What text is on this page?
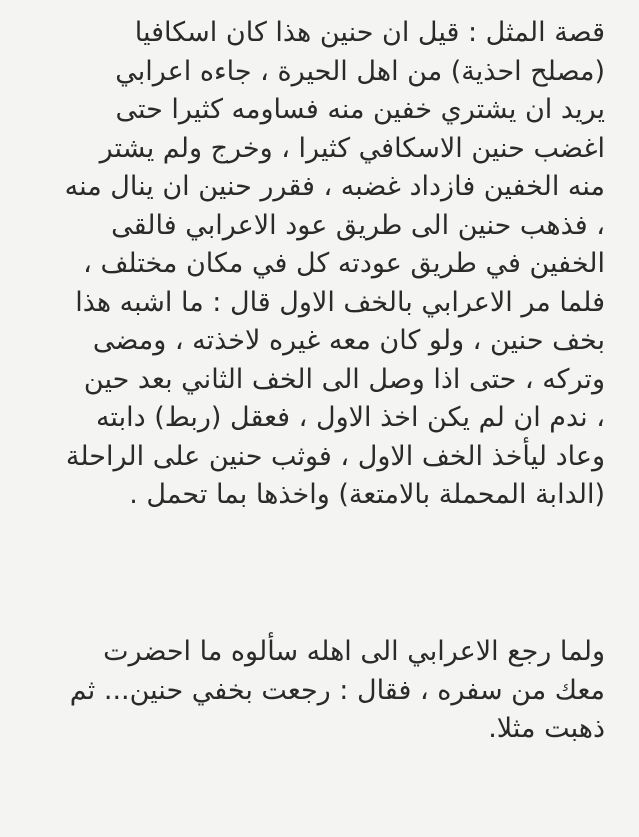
قصة المثل : قيل ان حنين هذا كان اسكافيا
(مصلح احذية) من اهل الحيرة ، جاءه اعرابي
يريد ان يشتري خفين منه فساومه كثيرا حتى
اغضب حنين الاسكافي كثيرا ، وخرج ولم يشتر
منه الخفين فازداد غضبه ، فقرر حنين ان ينال منه
، فذهب حنين الى طريق عود الاعرابي فالقى
الخفين في طريق عودته كل في مكان مختلف ،
فلما مر الاعرابي بالخف الاول قال : ما اشبه هذا
بخف حنين ، ولو كان معه غيره لاخذته ، ومضى
وتركه ، حتى اذا وصل الى الخف الثاني بعد حين
، ندم ان لم يكن اخذ الاول ، فعقل (ربط) دابته
وعاد ليأخذ الخف الاول ، فوثب حنين على الراحلة
(الدابة المحملة بالامتعة) واخذها بما تحمل .
ولما رجع الاعرابي الى اهله سألوه ما احضرت
معك من سفره ، فقال : رجعت بخفي حنين... ثم
ذهبت مثلا.
